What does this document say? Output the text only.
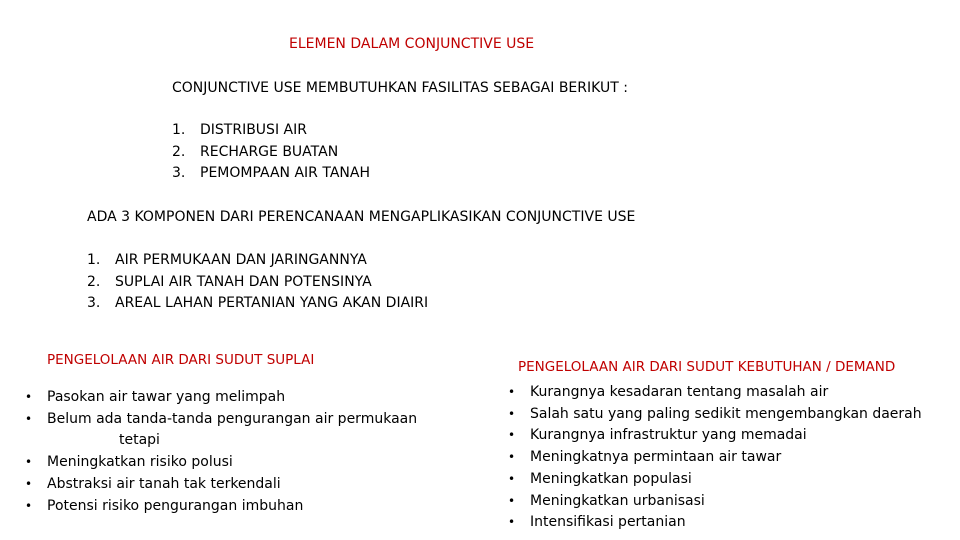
ELEMEN DALAM CONJUNCTIVE USE
CONJUNCTIVE USE MEMBUTUHKAN FASILITAS SEBAGAI BERIKUT :
1. DISTRIBUSI AIR
2. RECHARGE BUATAN
3. PEMOMPAAN AIR TANAH
ADA 3 KOMPONEN DARI PERENCANAAN MENGAPLIKASIKAN CONJUNCTIVE USE
1. AIR PERMUKAAN DAN JARINGANNYA
2. SUPLAI AIR TANAH DAN POTENSINYA
3. AREAL LAHAN PERTANIAN YANG AKAN DIAIRI
PENGELOLAAN AIR DARI SUDUT SUPLAI
• Pasokan air tawar yang melimpah
• Belum ada tanda-tanda pengurangan air permukaan
tetapi
• Meningkatkan risiko polusi
• Abstraksi air tanah tak terkendali
• Potensi risiko pengurangan imbuhan
PENGELOLAAN AIR DARI SUDUT KEBUTUHAN / DEMAND
• Kurangnya kesadaran tentang masalah air
• Salah satu yang paling sedikit mengembangkan daerah
• Kurangnya infrastruktur yang memadai
• Meningkatnya permintaan air tawar
• Meningkatkan populasi
• Meningkatkan urbanisasi
• Intensifikasi pertanian
